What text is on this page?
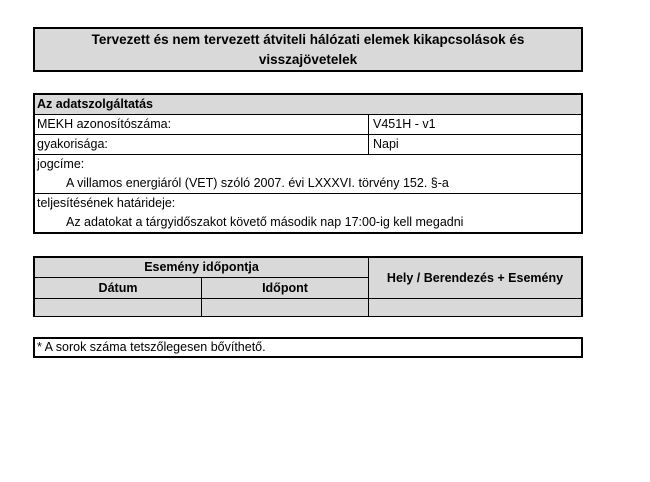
Tervezett és nem tervezett átviteli hálózati elemek kikapcsolások és visszajövetelek
Az adatszolgáltatás
MEKH azonosítószáma:	V451H - v1
gyakorisága:	Napi
jogcíme:
A villamos energiáról (VET) szóló 2007. évi LXXXVI. törvény 152. §-a
teljesítésének határideje:
Az adatokat a tárgyidőszakot követő második nap 17:00-ig kell megadni
Esemény időpontja
Dátum	Időpont
Hely / Berendezés + Esemény
* A sorok száma tetszőlegesen bővíthető.
